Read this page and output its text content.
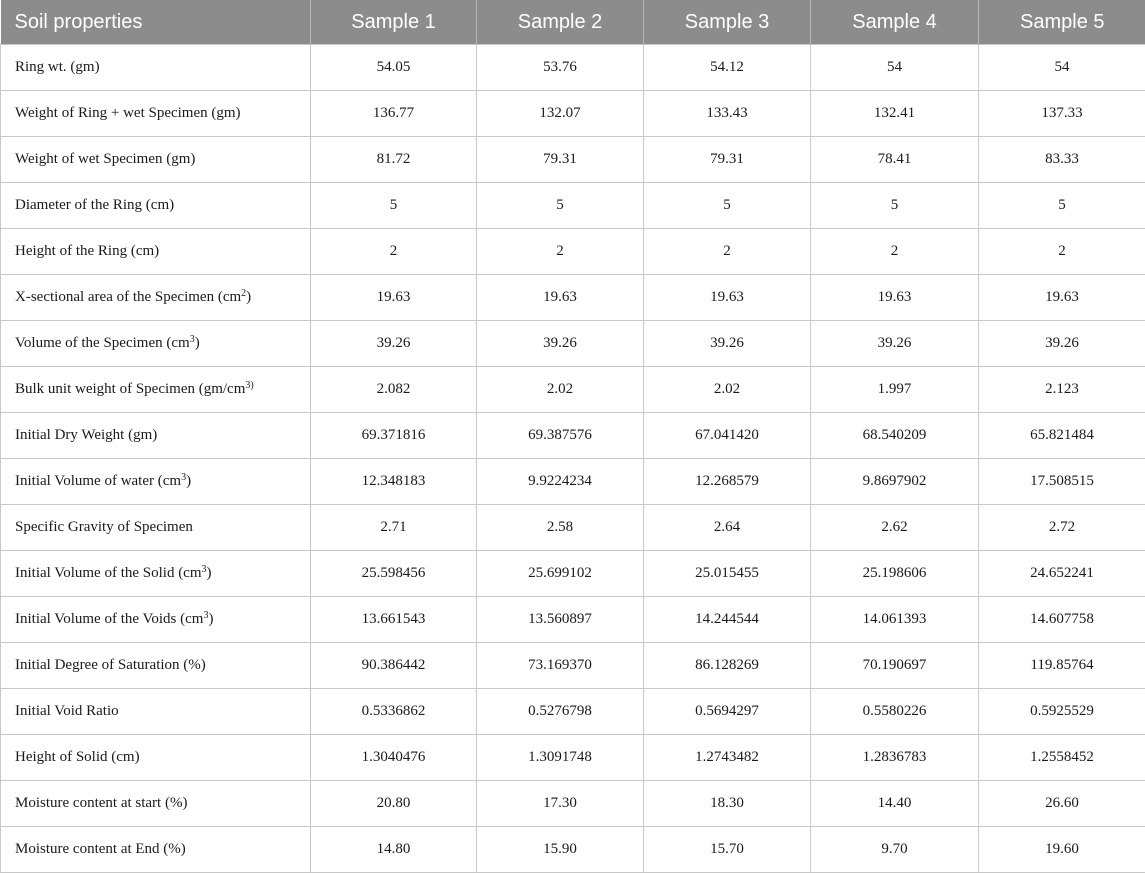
Soil properties	Sample 1	Sample 2	Sample 3	Sample 4	Sample 5
Ring wt. (gm)	54.05	53.76	54.12	54	54
Weight of Ring + wet Specimen (gm)	136.77	132.07	133.43	132.41	137.33
Weight of wet Specimen (gm)	81.72	79.31	79.31	78.41	83.33
Diameter of the Ring (cm)	5	5	5	5	5
Height of the Ring (cm)	2	2	2	2	2
X-sectional area of the Specimen $(cm^2)$	19.63	19.63	19.63	19.63	19.63
Volume of the Specimen $(cm^3)$	39.26	39.26	39.26	39.26	39.26
Bulk unit weight of Specimen ($gm/cm^{3)}$	2.082	2.02	2.02	1.997	2.123
Initial Dry Weight (gm)	69.371816	69.387576	67.041420	68.540209	65.821484
Initial Volume of water $(cm^3)$	12.348183	9.9224234	12.268579	9.8697902	17.508515
Specific Gravity of Specimen	2.71	2.58	2.64	2.62	2.72
Initial Volume of the Solid $(cm^3)$	25.598456	25.699102	25.015455	25.198606	24.652241
Initial Volume of the Voids $(cm^3)$	13.661543	13.560897	14.244544	14.061393	14.607758
Initial Degree of Saturation (%)	90.386442	73.169370	86.128269	70.190697	119.85764
Initial Void Ratio	0.5336862	0.5276798	0.5694297	0.5580226	0.5925529
Height of Solid (cm)	1.3040476	1.3091748	1.2743482	1.2836783	1.2558452
Moisture content at start (%)	20.80	17.30	18.30	14.40	26.60
Moisture content at End (%)	14.80	15.90	15.70	9.70	19.60
